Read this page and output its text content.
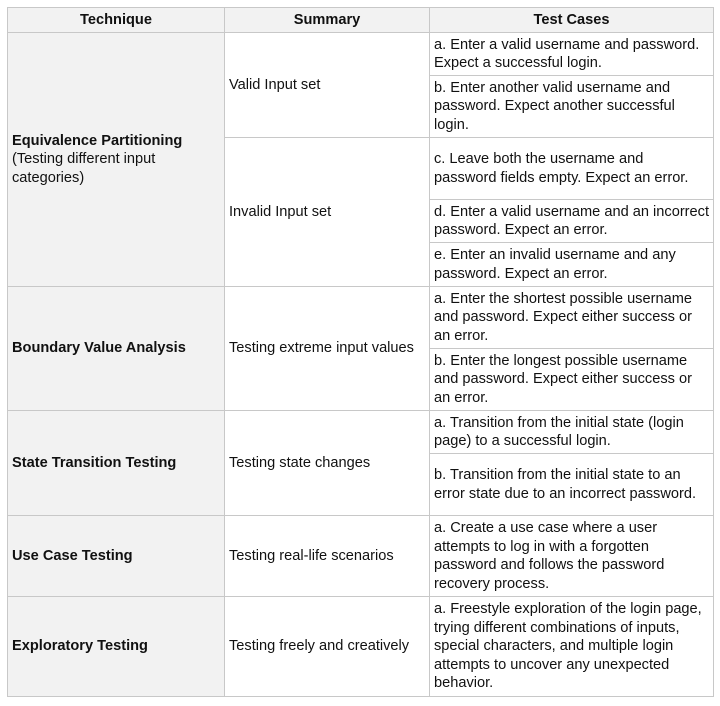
Technique	Summary	Test Cases

Equivalence Partitioning
(Testing different input categories)	Valid Input set	a. Enter a valid username and password. Expect a successful login.
		b. Enter another valid username and password. Expect another successful login.
	Invalid Input set	c. Leave both the username and password fields empty. Expect an error.
		d. Enter a valid username and an incorrect password. Expect an error.
		e. Enter an invalid username and any password. Expect an error.

Boundary Value Analysis	Testing extreme input values	a. Enter the shortest possible username and password. Expect either success or an error.
		b. Enter the longest possible username and password. Expect either success or an error.

State Transition Testing	Testing state changes	a. Transition from the initial state (login page) to a successful login.
		b. Transition from the initial state to an error state due to an incorrect password.

Use Case Testing	Testing real-life scenarios	a. Create a use case where a user attempts to log in with a forgotten password and follows the password recovery process.

Exploratory Testing	Testing freely and creatively	a. Freestyle exploration of the login page, trying different combinations of inputs, special characters, and multiple login attempts to uncover any unexpected behavior.
